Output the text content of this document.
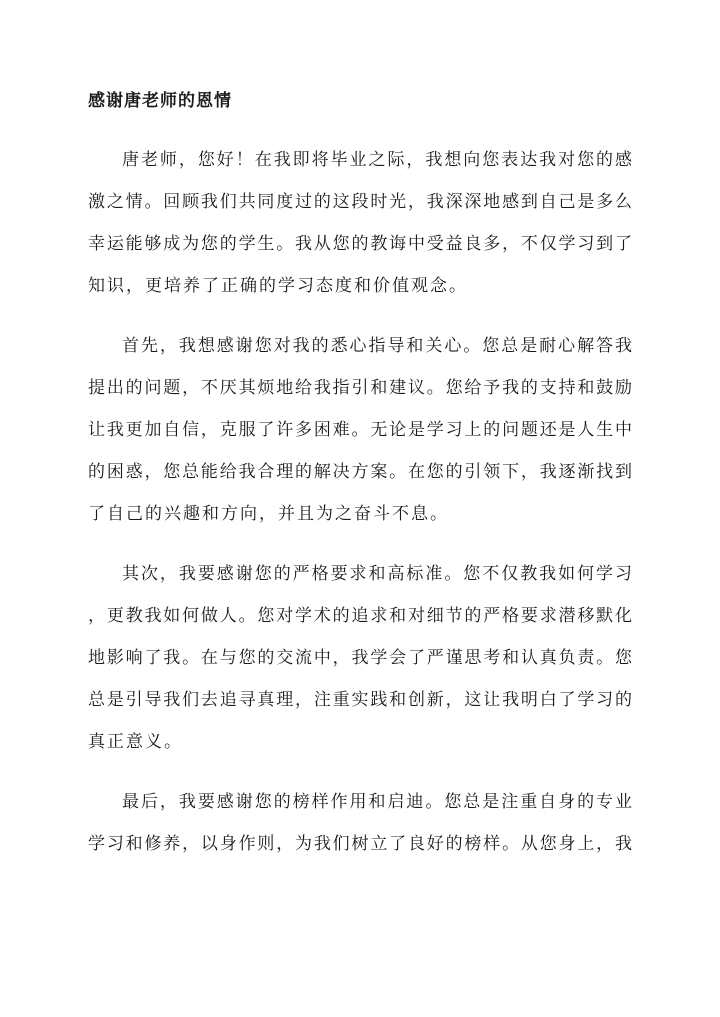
感谢唐老师的恩情
唐老师，您好！在我即将毕业之际，我想向您表达我对您的感
激之情。回顾我们共同度过的这段时光，我深深地感到自己是多么
幸运能够成为您的学生。我从您的教诲中受益良多，不仅学习到了
知识，更培养了正确的学习态度和价值观念。
首先，我想感谢您对我的悉心指导和关心。您总是耐心解答我
提出的问题，不厌其烦地给我指引和建议。您给予我的支持和鼓励
让我更加自信，克服了许多困难。无论是学习上的问题还是人生中
的困惑，您总能给我合理的解决方案。在您的引领下，我逐渐找到
了自己的兴趣和方向，并且为之奋斗不息。
其次，我要感谢您的严格要求和高标准。您不仅教我如何学习
，更教我如何做人。您对学术的追求和对细节的严格要求潜移默化
地影响了我。在与您的交流中，我学会了严谨思考和认真负责。您
总是引导我们去追寻真理，注重实践和创新，这让我明白了学习的
真正意义。
最后，我要感谢您的榜样作用和启迪。您总是注重自身的专业
学习和修养，以身作则，为我们树立了良好的榜样。从您身上，我
